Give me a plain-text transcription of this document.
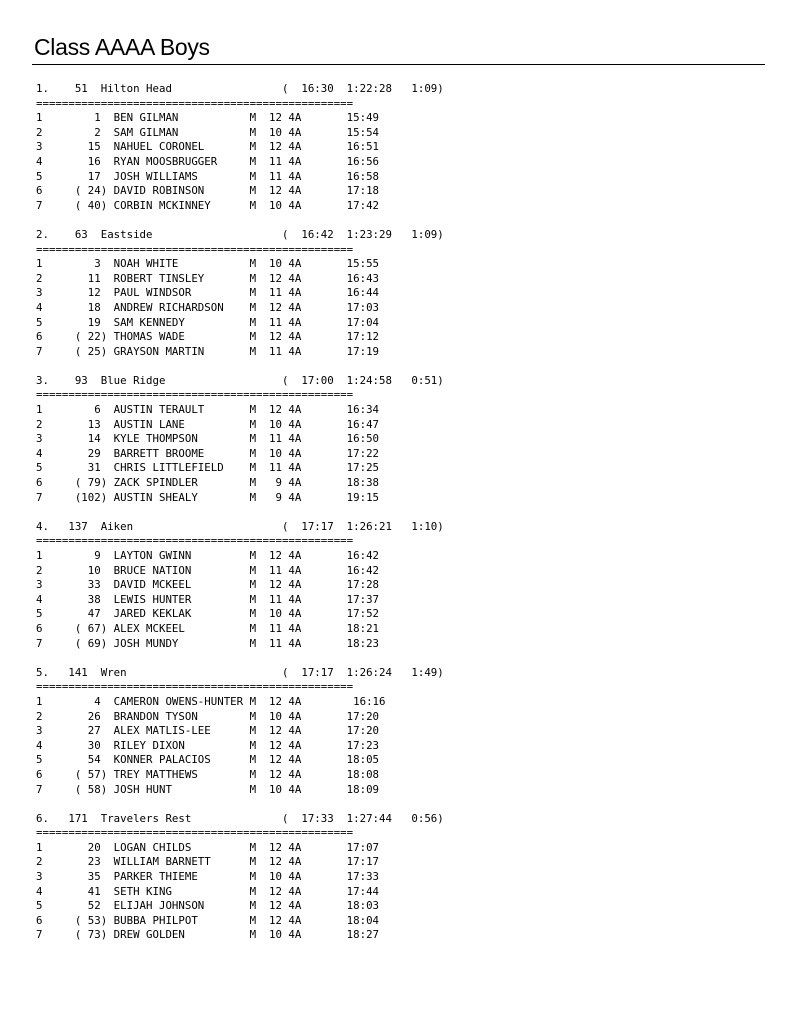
Class AAAA Boys
1.    51  Hilton Head                 (  16:30  1:22:28   1:09)
=================================================
1        1  BEN GILMAN           M  12 4A       15:49
2        2  SAM GILMAN           M  10 4A       15:54
3       15  NAHUEL CORONEL       M  12 4A       16:51
4       16  RYAN MOOSBRUGGER     M  11 4A       16:56
5       17  JOSH WILLIAMS        M  11 4A       16:58
6     ( 24) DAVID ROBINSON       M  12 4A       17:18
7     ( 40) CORBIN MCKINNEY      M  10 4A       17:42
2.    63  Eastside                    (  16:42  1:23:29   1:09)
=================================================
1        3  NOAH WHITE           M  10 4A       15:55
2       11  ROBERT TINSLEY       M  12 4A       16:43
3       12  PAUL WINDSOR         M  11 4A       16:44
4       18  ANDREW RICHARDSON    M  12 4A       17:03
5       19  SAM KENNEDY          M  11 4A       17:04
6     ( 22) THOMAS WADE          M  12 4A       17:12
7     ( 25) GRAYSON MARTIN       M  11 4A       17:19
3.    93  Blue Ridge                  (  17:00  1:24:58   0:51)
=================================================
1        6  AUSTIN TERAULT       M  12 4A       16:34
2       13  AUSTIN LANE          M  10 4A       16:47
3       14  KYLE THOMPSON        M  11 4A       16:50
4       29  BARRETT BROOME       M  10 4A       17:22
5       31  CHRIS LITTLEFIELD    M  11 4A       17:25
6     ( 79) ZACK SPINDLER        M   9 4A       18:38
7     (102) AUSTIN SHEALY        M   9 4A       19:15
4.   137  Aiken                       (  17:17  1:26:21   1:10)
=================================================
1        9  LAYTON GWINN         M  12 4A       16:42
2       10  BRUCE NATION         M  11 4A       16:42
3       33  DAVID MCKEEL         M  12 4A       17:28
4       38  LEWIS HUNTER         M  11 4A       17:37
5       47  JARED KEKLAK         M  10 4A       17:52
6     ( 67) ALEX MCKEEL          M  11 4A       18:21
7     ( 69) JOSH MUNDY           M  11 4A       18:23
5.   141  Wren                        (  17:17  1:26:24   1:49)
=================================================
1        4  CAMERON OWENS-HUNTER M  12 4A        16:16
2       26  BRANDON TYSON        M  10 4A       17:20
3       27  ALEX MATLIS-LEE      M  12 4A       17:20
4       30  RILEY DIXON          M  12 4A       17:23
5       54  KONNER PALACIOS      M  12 4A       18:05
6     ( 57) TREY MATTHEWS        M  12 4A       18:08
7     ( 58) JOSH HUNT            M  10 4A       18:09
6.   171  Travelers Rest              (  17:33  1:27:44   0:56)
=================================================
1       20  LOGAN CHILDS         M  12 4A       17:07
2       23  WILLIAM BARNETT      M  12 4A       17:17
3       35  PARKER THIEME        M  10 4A       17:33
4       41  SETH KING            M  12 4A       17:44
5       52  ELIJAH JOHNSON       M  12 4A       18:03
6     ( 53) BUBBA PHILPOT        M  12 4A       18:04
7     ( 73) DREW GOLDEN          M  10 4A       18:27
